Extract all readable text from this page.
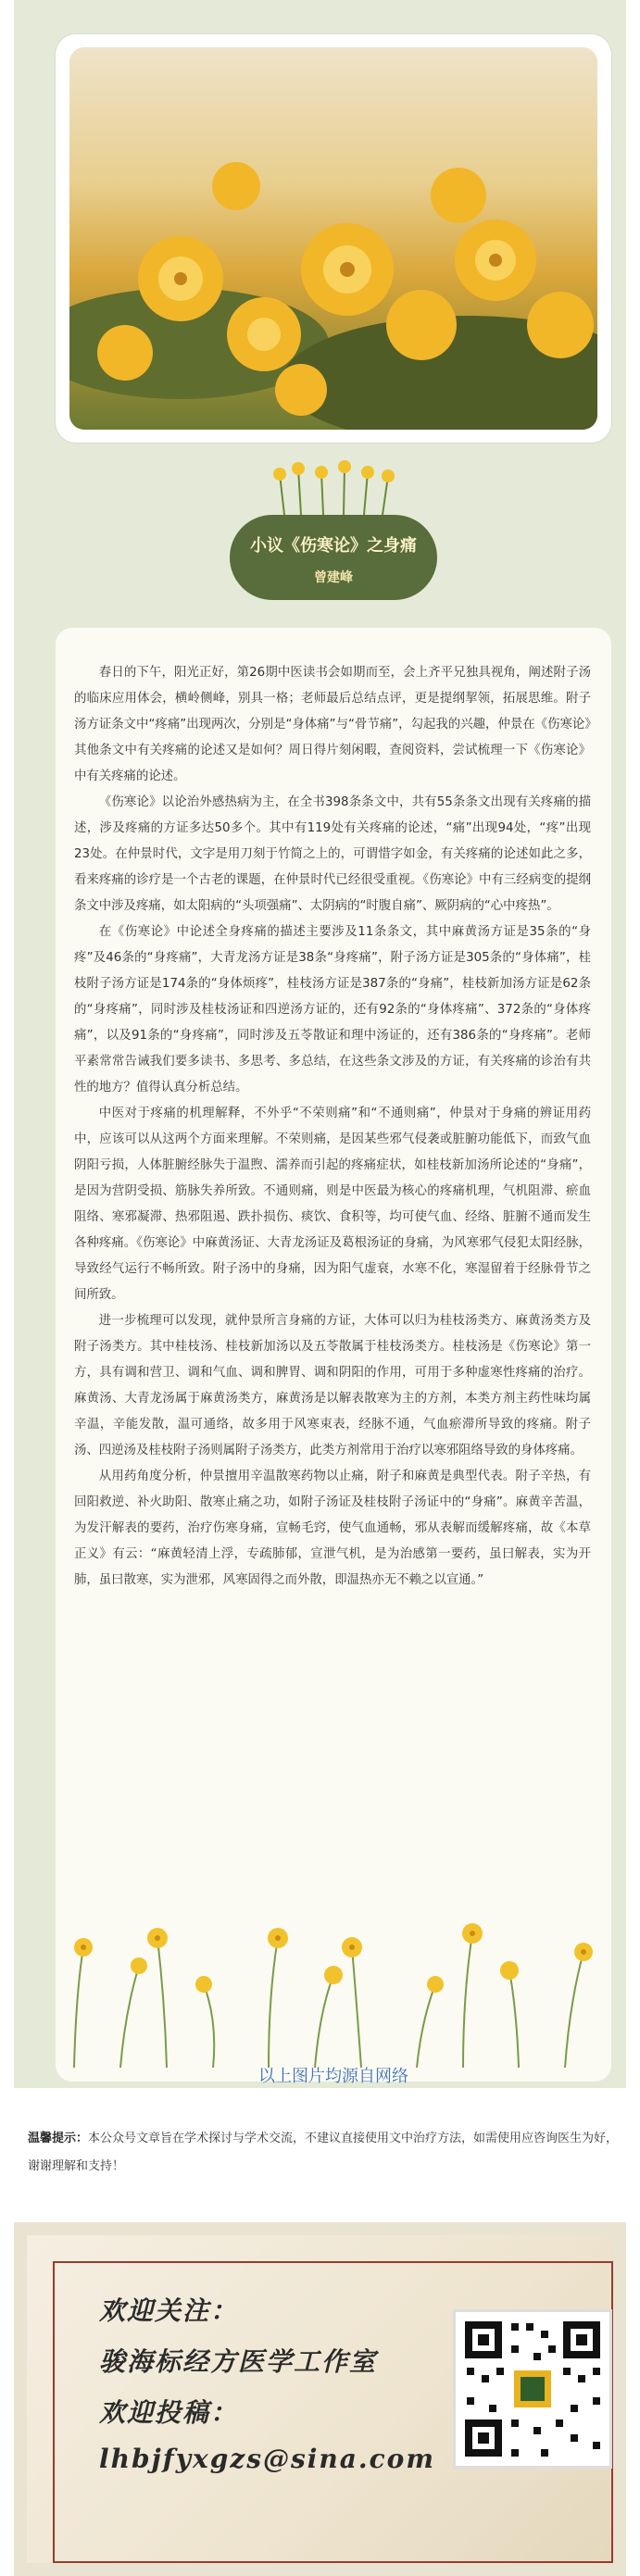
小议《伤寒论》之身痛
曾建峰

春日的下午，阳光正好，第26期中医读书会如期而至，会上齐平兄独具视角，阐述附子汤的临床应用体会，横岭侧峰，别具一格；老师最后总结点评，更是提纲挈领，拓展思维。附子汤方证条文中“疼痛”出现两次，分别是“身体痛”与“骨节痛”，勾起我的兴趣，仲景在《伤寒论》其他条文中有关疼痛的论述又是如何？周日得片刻闲暇，查阅资料，尝试梳理一下《伤寒论》中有关疼痛的论述。

《伤寒论》以论治外感热病为主，在全书398条条文中，共有55条条文出现有关疼痛的描述，涉及疼痛的方证多达50多个。其中有119处有关疼痛的论述，“痛”出现94处，“疼”出现23处。在仲景时代，文字是用刀刻于竹简之上的，可谓惜字如金，有关疼痛的论述如此之多，看来疼痛的诊疗是一个古老的课题，在仲景时代已经很受重视。《伤寒论》中有三经病变的提纲条文中涉及疼痛，如太阳病的“头项强痛”、太阴病的“时腹自痛”、厥阴病的“心中疼热”。

在《伤寒论》中论述全身疼痛的描述主要涉及11条条文，其中麻黄汤方证是35条的“身疼”及46条的“身疼痛”，大青龙汤方证是38条“身疼痛”，附子汤方证是305条的“身体痛”，桂枝附子汤方证是174条的“身体烦疼”，桂枝汤方证是387条的“身痛”，桂枝新加汤方证是62条的“身疼痛”，同时涉及桂枝汤证和四逆汤方证的，还有92条的“身体疼痛”、372条的“身体疼痛”，以及91条的“身疼痛”，同时涉及五苓散证和理中汤证的，还有386条的“身疼痛”。老师平素常常告诫我们要多读书、多思考、多总结，在这些条文涉及的方证，有关疼痛的诊治有共性的地方？值得认真分析总结。

中医对于疼痛的机理解释，不外乎“不荣则痛”和“不通则痛”，仲景对于身痛的辨证用药中，应该可以从这两个方面来理解。不荣则痛，是因某些邪气侵袭或脏腑功能低下，而致气血阴阳亏损，人体脏腑经脉失于温煦、濡养而引起的疼痛症状，如桂枝新加汤所论述的“身痛”，是因为营阴受损、筋脉失养所致。不通则痛，则是中医最为核心的疼痛机理，气机阻滞、瘀血阻络、寒邪凝滞、热邪阻遏、跌扑损伤、痰饮、食积等，均可使气血、经络、脏腑不通而发生各种疼痛。《伤寒论》中麻黄汤证、大青龙汤证及葛根汤证的身痛，为风寒邪气侵犯太阳经脉，导致经气运行不畅所致。附子汤中的身痛，因为阳气虚衰，水寒不化，寒湿留着于经脉骨节之间所致。

进一步梳理可以发现，就仲景所言身痛的方证，大体可以归为桂枝汤类方、麻黄汤类方及附子汤类方。其中桂枝汤、桂枝新加汤以及五苓散属于桂枝汤类方。桂枝汤是《伤寒论》第一方，具有调和营卫、调和气血、调和脾胃、调和阴阳的作用，可用于多种虚寒性疼痛的治疗。麻黄汤、大青龙汤属于麻黄汤类方，麻黄汤是以解表散寒为主的方剂，本类方剂主药性味均属辛温，辛能发散，温可通络，故多用于风寒束表，经脉不通，气血瘀滞所导致的疼痛。附子汤、四逆汤及桂枝附子汤则属附子汤类方，此类方剂常用于治疗以寒邪阻络导致的身体疼痛。

从用药角度分析，仲景擅用辛温散寒药物以止痛，附子和麻黄是典型代表。附子辛热，有回阳救逆、补火助阳、散寒止痛之功，如附子汤证及桂枝附子汤证中的“身痛”。麻黄辛苦温，为发汗解表的要药，治疗伤寒身痛，宣畅毛窍，使气血通畅，邪从表解而缓解疼痛，故《本草正义》有云：“麻黄轻清上浮，专疏肺郁，宣泄气机，是为治感第一要药，虽曰解表，实为开肺，虽曰散寒，实为泄邪，风寒固得之而外散，即温热亦无不赖之以宣通。”

以上图片均源自网络
温馨提示：本公众号文章旨在学术探讨与学术交流，不建议直接使用文中治疗方法，如需使用应咨询医生为好，谢谢理解和支持！
欢迎关注：
骏海标经方医学工作室
欢迎投稿：
lhbjfyxgzs@sina.com
